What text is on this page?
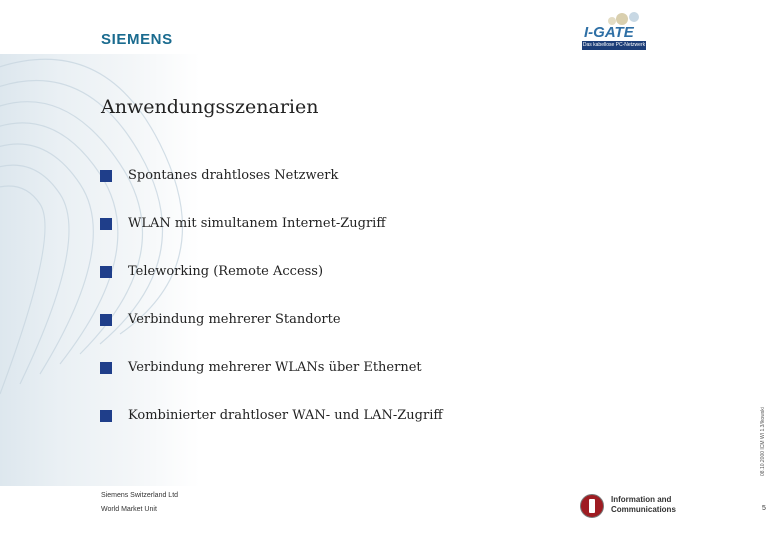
SIEMENS	I-GATE
Das kabellose PC-Netzwerk
Anwendungsszenarien
Spontanes drahtloses Netzwerk
WLAN mit simultanem Internet-Zugriff
Teleworking (Remote Access)
Verbindung mehrerer Standorte
Verbindung mehrerer WLANs über Ethernet
Kombinierter drahtloser WAN- und LAN-Zugriff	08.10.2000 ICM WI 1.3/lkowski
Siemens Switzerland Ltd
World Market Unit
Information and
Communications	5
